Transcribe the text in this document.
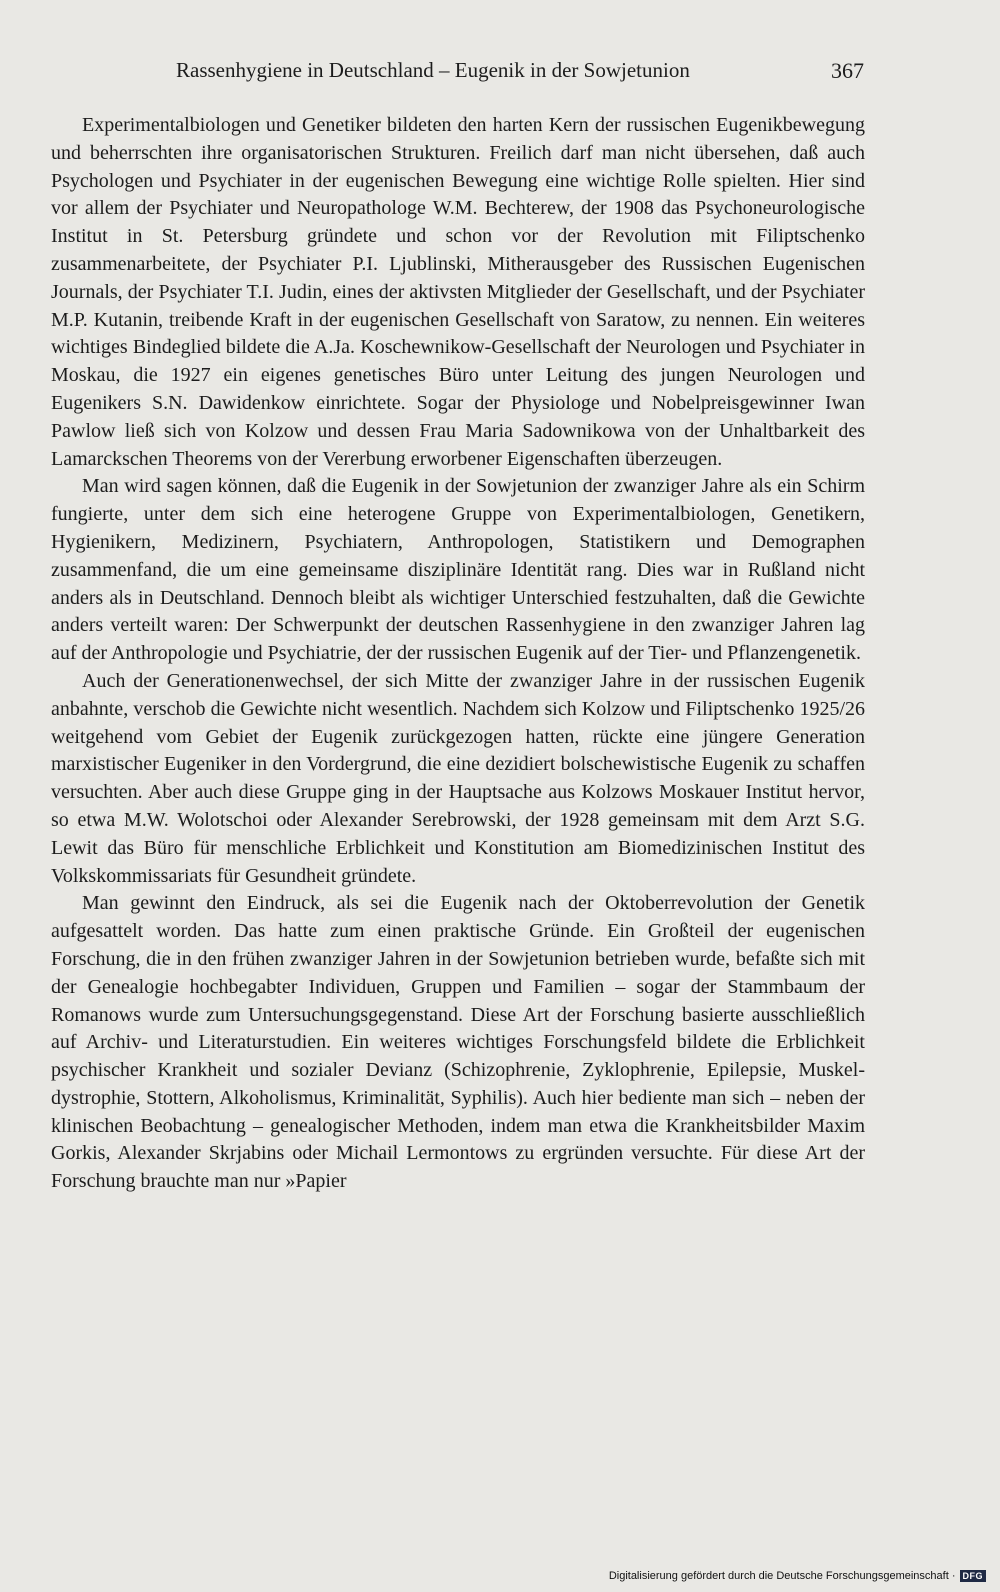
Rassenhygiene in Deutschland – Eugenik in der Sowjetunion	367

Experimentalbiologen und Genetiker bildeten den harten Kern der russischen Eugenikbewegung und beherrschten ihre organisatorischen Strukturen. Freilich darf man nicht übersehen, daß auch Psychologen und Psychiater in der eugenischen Bewegung eine wichtige Rolle spielten. Hier sind vor allem der Psychiater und Neuropathologe W.M. Bechterew, der 1908 das Psychoneurologische Institut in St. Petersburg gründete und schon vor der Revolution mit Filiptschenko zusammenarbeitete, der Psychiater P.I. Ljublinski, Mitherausgeber des Russischen Eugenischen Journals, der Psychiater T.I. Judin, eines der aktivsten Mitglieder der Gesellschaft, und der Psychiater M.P. Kutanin, treibende Kraft in der eugenischen Gesellschaft von Saratow, zu nennen. Ein weiteres wichtiges Bindeglied bildete die A.Ja. Koschewnikow-Gesellschaft der Neurologen und Psychiater in Moskau, die 1927 ein eigenes genetisches Büro unter Leitung des jungen Neurologen und Eugenikers S.N. Dawidenkow einrichtete. Sogar der Physiologe und Nobelpreisgewinner Iwan Pawlow ließ sich von Kolzow und dessen Frau Maria Sadownikowa von der Unhaltbarkeit des Lamarckschen Theorems von der Vererbung erworbener Eigenschaften überzeugen.

Man wird sagen können, daß die Eugenik in der Sowjetunion der zwanziger Jahre als ein Schirm fungierte, unter dem sich eine heterogene Gruppe von Experimentalbiologen, Genetikern, Hygienikern, Medizinern, Psychiatern, Anthropologen, Statistikern und Demographen zusammenfand, die um eine gemeinsame disziplinäre Identität rang. Dies war in Rußland nicht anders als in Deutschland. Dennoch bleibt als wichtiger Unterschied festzuhalten, daß die Gewichte anders verteilt waren: Der Schwerpunkt der deutschen Rassenhygiene in den zwanziger Jahren lag auf der Anthropologie und Psychiatrie, der der russischen Eugenik auf der Tier- und Pflanzengenetik.

Auch der Generationenwechsel, der sich Mitte der zwanziger Jahre in der russischen Eugenik anbahnte, verschob die Gewichte nicht wesentlich. Nachdem sich Kolzow und Filiptschenko 1925/26 weitgehend vom Gebiet der Eugenik zurückgezogen hatten, rückte eine jüngere Generation marxistischer Eugeniker in den Vordergrund, die eine dezidiert bolschewistische Eugenik zu schaffen versuchten. Aber auch diese Gruppe ging in der Hauptsache aus Kolzows Moskauer Institut hervor, so etwa M.W. Wolotschoi oder Alexander Serebrowski, der 1928 gemeinsam mit dem Arzt S.G. Lewit das Büro für menschliche Erblichkeit und Konstitution am Biomedizinischen Institut des Volkskommissariats für Gesundheit gründete.

Man gewinnt den Eindruck, als sei die Eugenik nach der Oktoberrevolution der Genetik aufgesattelt worden. Das hatte zum einen praktische Gründe. Ein Großteil der eugenischen Forschung, die in den frühen zwanziger Jahren in der Sowjetunion betrieben wurde, befaßte sich mit der Genealogie hochbegabter Individuen, Gruppen und Familien – sogar der Stammbaum der Romanows wurde zum Untersuchungsgegenstand. Diese Art der Forschung basierte ausschließlich auf Archiv- und Literaturstudien. Ein weiteres wichtiges Forschungsfeld bildete die Erblichkeit psychischer Krankheit und sozialer Devianz (Schizophrenie, Zyklophrenie, Epilepsie, Muskeldystrophie, Stottern, Alkoholismus, Kriminalität, Syphilis). Auch hier bediente man sich – neben der klinischen Beobachtung – genealogischer Methoden, indem man etwa die Krankheitsbilder Maxim Gorkis, Alexander Skrjabins oder Michail Lermontows zu ergründen versuchte. Für diese Art der Forschung brauchte man nur »Papier

Digitalisierung gefördert durch die Deutsche Forschungsgemeinschaft · DFG
